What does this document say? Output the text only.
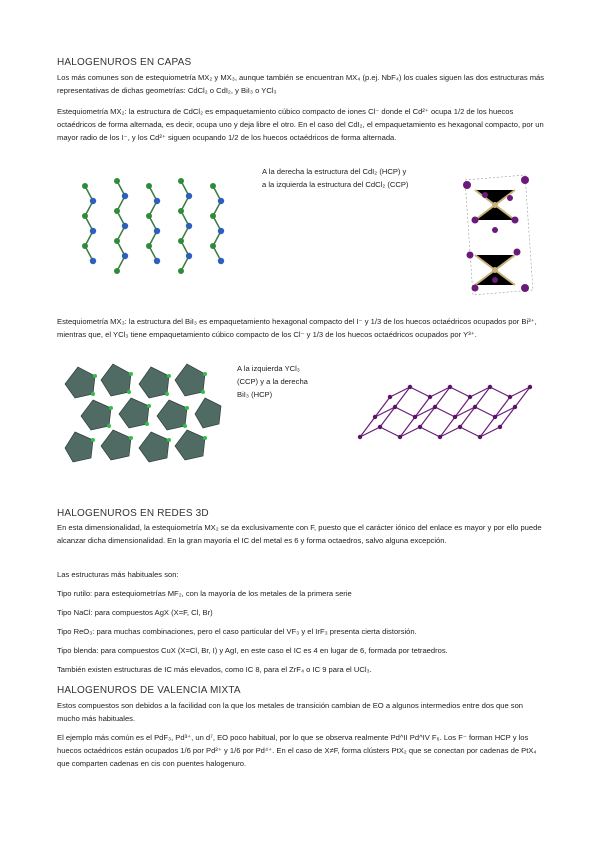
HALOGENUROS EN CAPAS
Los más comunes son de estequiometría MX₂ y MX₃, aunque también se encuentran MX₄ (p.ej. NbF₄) los cuales siguen las dos estructuras más representativas de dichas geometrías: CdCl₂ o CdI₂, y BiI₃ o YCl₃
Estequiometría MX₂: la estructura de CdCl₂ es empaquetamiento cúbico compacto de iones Cl⁻ donde el Cd²⁺ ocupa 1/2 de los huecos octaédricos de forma alternada, es decir, ocupa uno y deja libre el otro. En el caso del CdI₂, el empaquetamiento es hexagonal compacto, por un mayor radio de los I⁻, y los Cd²⁺ siguen ocupando 1/2 de los huecos octaédricos de forma alternada.
A la derecha la estructura del CdI₂ (HCP) y
a la izquierda la estructura del CdCl₂ (CCP)
Estequiometría MX₃: la estructura del BiI₃ es empaquetamiento hexagonal compacto del I⁻ y 1/3 de los huecos octaédricos ocupados por Bi³⁺, mientras que, el YCl₃ tiene empaquetamiento cúbico compacto de los Cl⁻ y 1/3 de los huecos octaédricos ocupados por Y³⁺.
A la izquierda YCl₃
(CCP) y a la derecha
BiI₃ (HCP)
HALOGENUROS EN REDES 3D
En esta dimensionalidad, la estequiometría MX₂ se da exclusivamente con F, puesto que el carácter iónico del enlace es mayor y por ello puede alcanzar dicha dimensionalidad. En la gran mayoría el IC del metal es 6 y forma octaedros, salvo alguna excepción.
Las estructuras más habituales son:
Tipo rutilo: para estequiometrías MF₂, con la mayoría de los metales de la primera serie
Tipo NaCl: para compuestos AgX (X=F, Cl, Br)
Tipo ReO₃: para muchas combinaciones, pero el caso particular del VF₃ y el IrF₃ presenta cierta distorsión.
Tipo blenda: para compuestos CuX (X=Cl, Br, I) y AgI, en este caso el IC es 4 en lugar de 6, formada por tetraedros.
También existen estructuras de IC más elevados, como IC 8, para el ZrF₄ o IC 9 para el UCl₃.
HALOGENUROS DE VALENCIA MIXTA
Estos compuestos son debidos a la facilidad con la que los metales de transición cambian de EO a algunos intermedios entre dos que son mucho más habituales.
El ejemplo más común es el PdF₃, Pd³⁺, un d⁷, EO poco habitual, por lo que se observa realmente Pd^II Pd^IV F₆. Los F⁻ forman HCP y los huecos octaédricos están ocupados 1/6 por Pd²⁺ y 1/6 por Pd⁴⁺. En el caso de X≠F, forma clústers PtX₂ que se conectan por cadenas de PtX₄ que comparten cadenas en cis con puentes halogenuro.
